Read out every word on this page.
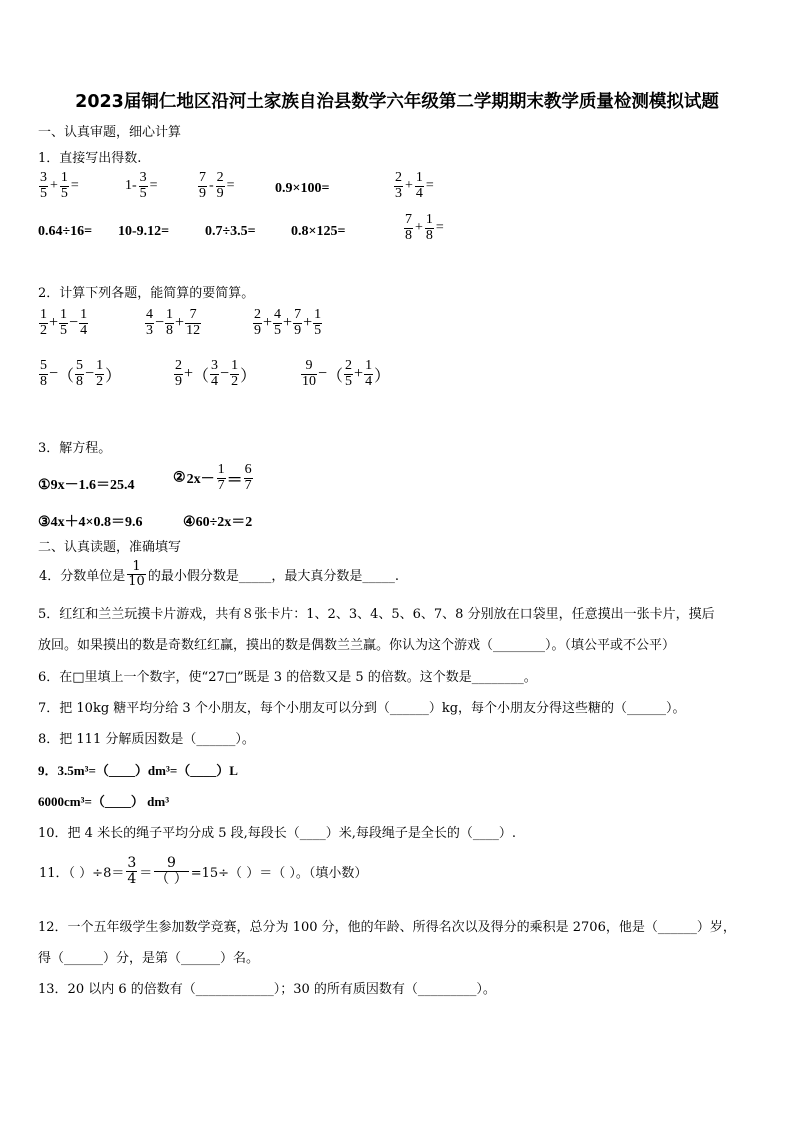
2023届铜仁地区沿河土家族自治县数学六年级第二学期期末教学质量检测模拟试题
一、认真审题，细心计算
1．直接写出得数.
$\frac{3}{5} + \frac{1}{5}$ =	$1- \frac{3}{5}$ =	$\frac{7}{9} - \frac{2}{9}$ =	0.9×100=	$\frac{2}{3} + \frac{1}{4}$ =
0.64÷16= 10-9.12=	0.7÷3.5=	0.8×125=	$\frac{7}{8} + \frac{1}{8}$ =
2．计算下列各题，能简算的要简算。
$\frac{1}{2} + \frac{1}{5} - \frac{1}{4}$	$\frac{4}{3} - \frac{1}{8} + \frac{7}{12}$	$\frac{2}{9} + \frac{4}{5} + \frac{7}{9} + \frac{1}{5}$
$\frac{5}{8}$ −（ $\frac{5}{8} - \frac{1}{2}$ ）	$\frac{2}{9}$ +（ $\frac{3}{4} - \frac{1}{2}$ ）	$\frac{9}{10}$ −（ $\frac{2}{5} + \frac{1}{4}$ ）
3．解方程。
①9x－1.6＝25.4
②2x－ $\frac{1}{7} = \frac{6}{7}$
③4x＋4×0.8＝9.6	④60÷2x＝2
二、认真读题，准确填写
4．分数单位是 $\frac{1}{10}$ 的最小假分数是_____，最大真分数是_____.
5．红红和兰兰玩摸卡片游戏，共有８张卡片：1、2、3、4、5、6、7、8 分别放在口袋里，任意摸出一张卡片，摸后
放回。如果摸出的数是奇数红红赢，摸出的数是偶数兰兰赢。你认为这个游戏（________）。（填公平或不公平）
6．在□里填上一个数字，使“27□”既是 3 的倍数又是 5 的倍数。这个数是________。
7．把 10kg 糖平均分给 3 个小朋友，每个小朋友可以分到（______）kg，每个小朋友分得这些糖的（______）。
8．把 111 分解质因数是（______）。
9．3.5m³=（____）dm³=（____）L
6000cm³=（____） dm³
10．把 4 米长的绳子平均分成 5 段,每段长（____）米,每段绳子是全长的（____）.
11．（ ）$\div 8= \frac{3}{4} = \frac{9}{( )} =15\div$（ ）＝（ ）。（填小数）
12．一个五年级学生参加数学竞赛，总分为 100 分，他的年龄、所得名次以及得分的乘积是 2706，他是（______）岁，
得（______）分，是第（______）名。
13．20 以内 6 的倍数有（____________）；30 的所有质因数有（_________）。
